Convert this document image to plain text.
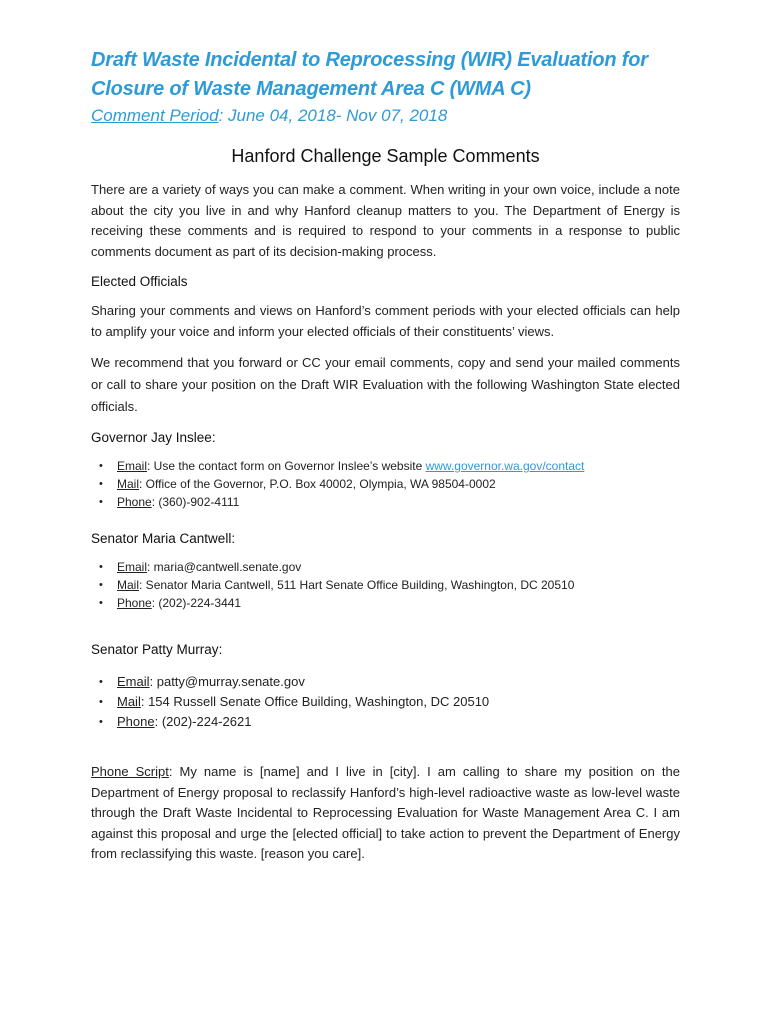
Draft Waste Incidental to Reprocessing (WIR) Evaluation for
Closure of Waste Management Area C (WMA C)

Comment Period: June 04, 2018- Nov 07, 2018

Hanford Challenge Sample Comments

There are a variety of ways you can make a comment. When writing in your own voice, include a note about the city you live in and why Hanford cleanup matters to you. The Department of Energy is receiving these comments and is required to respond to your comments in a response to public comments document as part of its decision-making process.

Elected Officials

Sharing your comments and views on Hanford’s comment periods with your elected officials can help to amplify your voice and inform your elected officials of their constituents’ views.

We recommend that you forward or CC your email comments, copy and send your mailed comments or call to share your position on the Draft WIR Evaluation with the following Washington State elected officials.

Governor Jay Inslee:
• Email: Use the contact form on Governor Inslee’s website www.governor.wa.gov/contact
• Mail: Office of the Governor, P.O. Box 40002, Olympia, WA 98504-0002
• Phone: (360)-902-4111
Senator Maria Cantwell:
• Email: maria@cantwell.senate.gov
• Mail: Senator Maria Cantwell, 511 Hart Senate Office Building, Washington, DC 20510
• Phone: (202)-224-3441
Senator Patty Murray:
• Email: patty@murray.senate.gov
• Mail: 154 Russell Senate Office Building, Washington, DC 20510
• Phone: (202)-224-2621

Phone Script: My name is [name] and I live in [city]. I am calling to share my position on the Department of Energy proposal to reclassify Hanford’s high-level radioactive waste as low-level waste through the Draft Waste Incidental to Reprocessing Evaluation for Waste Management Area C. I am against this proposal and urge the [elected official] to take action to prevent the Department of Energy from reclassifying this waste. [reason you care].
